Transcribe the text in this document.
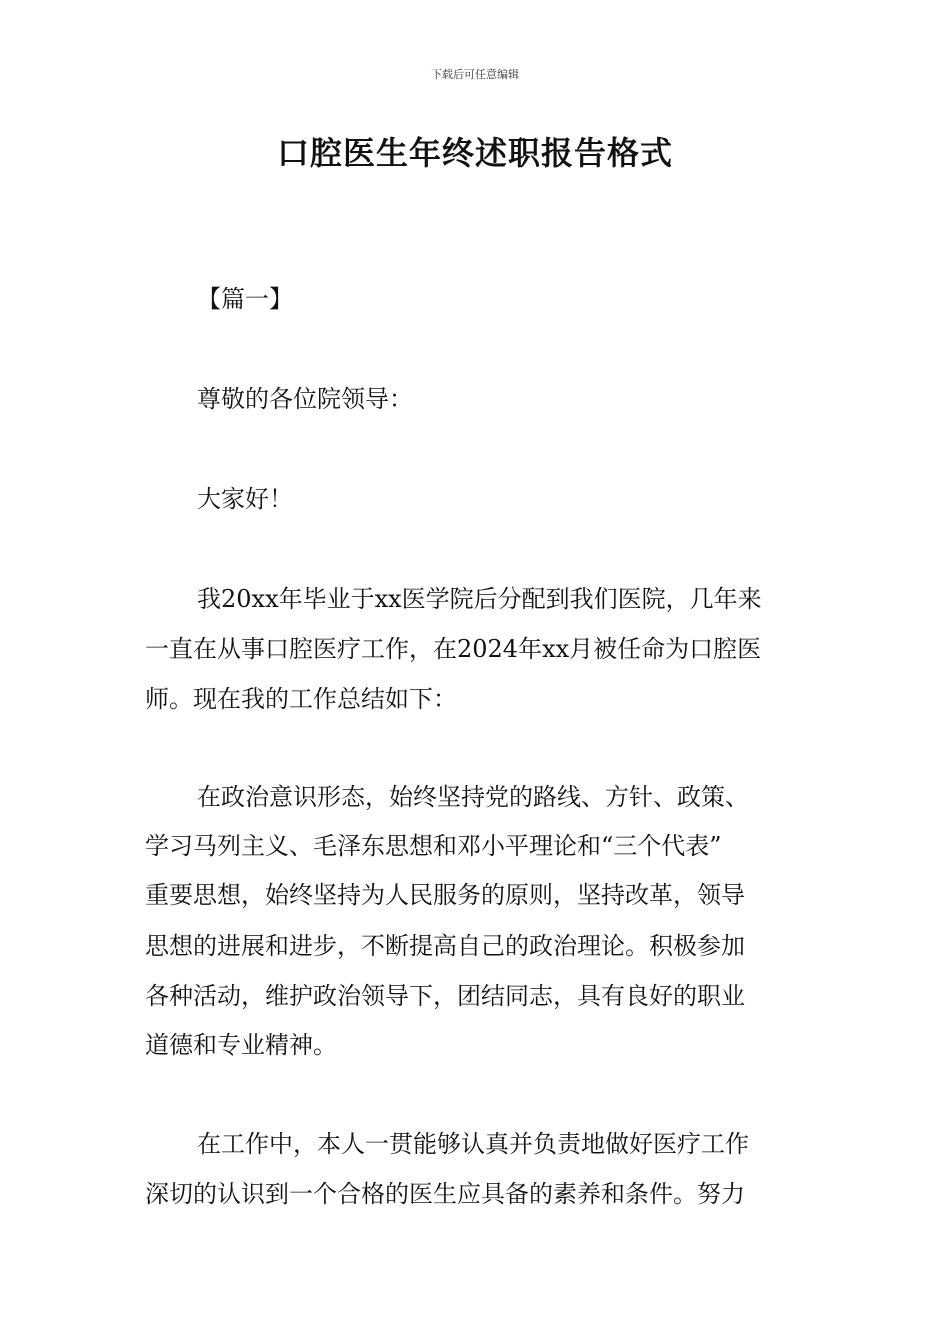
下载后可任意编辑
口腔医生年终述职报告格式
【篇一】
尊敬的各位院领导：
大家好！
我20xx年毕业于xx医学院后分配到我们医院，几年来
一直在从事口腔医疗工作，在2024年xx月被任命为口腔医
师。现在我的工作总结如下：
在政治意识形态，始终坚持党的路线、方针、政策、
学习马列主义、毛泽东思想和邓小平理论和“三个代表”
重要思想，始终坚持为人民服务的原则，坚持改革，领导
思想的进展和进步，不断提高自己的政治理论。积极参加
各种活动，维护政治领导下，团结同志，具有良好的职业
道德和专业精神。
在工作中，本人一贯能够认真并负责地做好医疗工作
深切的认识到一个合格的医生应具备的素养和条件。努力
